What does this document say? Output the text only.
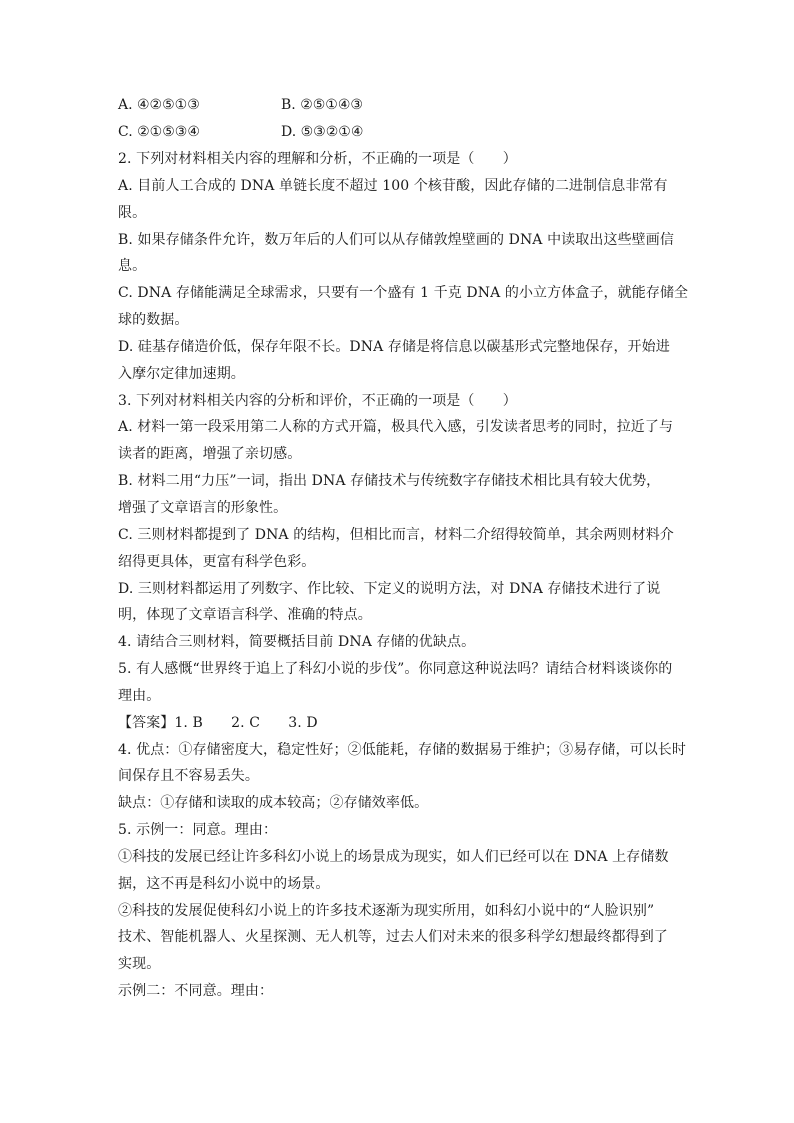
A. ④②⑤①③	B. ②⑤①④③
C. ②①⑤③④	D. ⑤③②①④
2. 下列对材料相关内容的理解和分析，不正确的一项是（　　）
A. 目前人工合成的 DNA 单链长度不超过 100 个核苷酸，因此存储的二进制信息非常有
限。
B. 如果存储条件允许，数万年后的人们可以从存储敦煌壁画的 DNA 中读取出这些壁画信
息。
C. DNA 存储能满足全球需求，只要有一个盛有 1 千克 DNA 的小立方体盒子，就能存储全
球的数据。
D. 硅基存储造价低，保存年限不长。DNA 存储是将信息以碳基形式完整地保存，开始进
入摩尔定律加速期。
3. 下列对材料相关内容的分析和评价，不正确的一项是（　　）
A. 材料一第一段采用第二人称的方式开篇，极具代入感，引发读者思考的同时，拉近了与
读者的距离，增强了亲切感。
B. 材料二用“力压”一词，指出 DNA 存储技术与传统数字存储技术相比具有较大优势，
增强了文章语言的形象性。
C. 三则材料都提到了 DNA 的结构，但相比而言，材料二介绍得较简单，其余两则材料介
绍得更具体，更富有科学色彩。
D. 三则材料都运用了列数字、作比较、下定义的说明方法，对 DNA 存储技术进行了说
明，体现了文章语言科学、准确的特点。
4. 请结合三则材料，简要概括目前 DNA 存储的优缺点。
5. 有人感慨“世界终于追上了科幻小说的步伐”。你同意这种说法吗？请结合材料谈谈你的
理由。
【答案】1. B　　2. C　　3. D
4. 优点：①存储密度大，稳定性好；②低能耗，存储的数据易于维护；③易存储，可以长时
间保存且不容易丢失。
缺点：①存储和读取的成本较高；②存储效率低。
5. 示例一：同意。理由：
①科技的发展已经让许多科幻小说上的场景成为现实，如人们已经可以在 DNA 上存储数
据，这不再是科幻小说中的场景。
②科技的发展促使科幻小说上的许多技术逐渐为现实所用，如科幻小说中的“人脸识别”
技术、智能机器人、火星探测、无人机等，过去人们对未来的很多科学幻想最终都得到了
实现。
示例二：不同意。理由：
